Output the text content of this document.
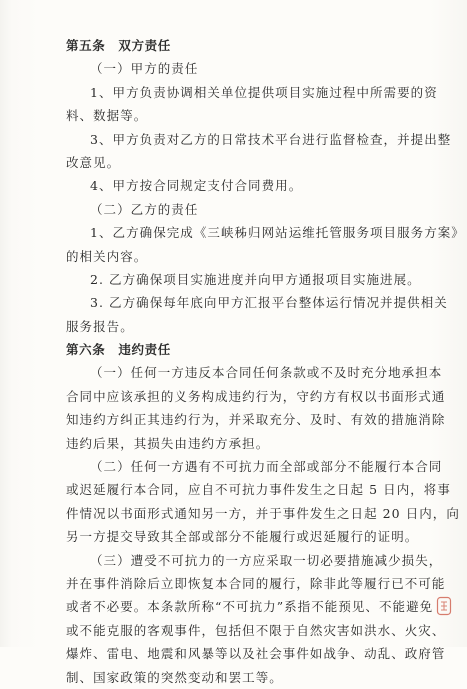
第五条　双方责任
（一）甲方的责任
1、甲方负责协调相关单位提供项目实施过程中所需要的资
料、数据等。
3、甲方负责对乙方的日常技术平台进行监督检查，并提出整
改意见。
4、甲方按合同规定支付合同费用。
（二）乙方的责任
1、乙方确保完成《三峡秭归网站运维托管服务项目服务方案》
的相关内容。
2. 乙方确保项目实施进度并向甲方通报项目实施进展。
3. 乙方确保每年底向甲方汇报平台整体运行情况并提供相关
服务报告。
第六条　违约责任
（一）任何一方违反本合同任何条款或不及时充分地承担本
合同中应该承担的义务构成违约行为，守约方有权以书面形式通
知违约方纠正其违约行为，并采取充分、及时、有效的措施消除
违约后果，其损失由违约方承担。
（二）任何一方遇有不可抗力而全部或部分不能履行本合同
或迟延履行本合同，应自不可抗力事件发生之日起 5 日内，将事
件情况以书面形式通知另一方，并于事件发生之日起 20 日内，向
另一方提交导致其全部或部分不能履行或迟延履行的证明。
（三）遭受不可抗力的一方应采取一切必要措施减少损失，
并在事件消除后立即恢复本合同的履行，除非此等履行已不可能
或者不必要。本条款所称“不可抗力”系指不能预见、不能避免
或不能克服的客观事件，包括但不限于自然灾害如洪水、火灾、
爆炸、雷电、地震和风暴等以及社会事件如战争、动乱、政府管
制、国家政策的突然变动和罢工等。
